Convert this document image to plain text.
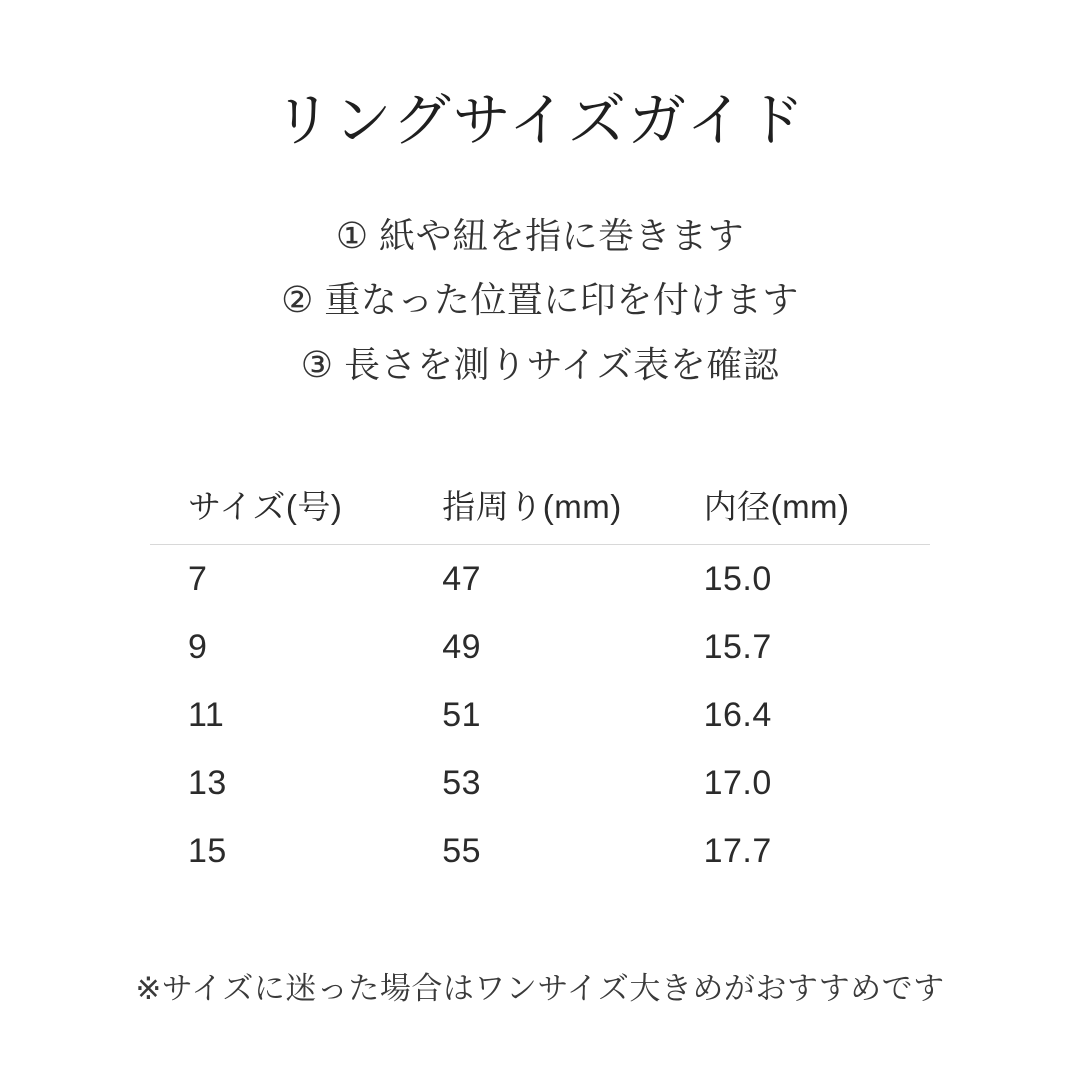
リングサイズガイド
① 紙や紐を指に巻きます
② 重なった位置に印を付けます
③ 長さを測りサイズ表を確認
サイズ(号)	指周り(mm)	内径(mm)
7	47	15.0
9	49	15.7
11	51	16.4
13	53	17.0
15	55	17.7
※サイズに迷った場合はワンサイズ大きめがおすすめです
